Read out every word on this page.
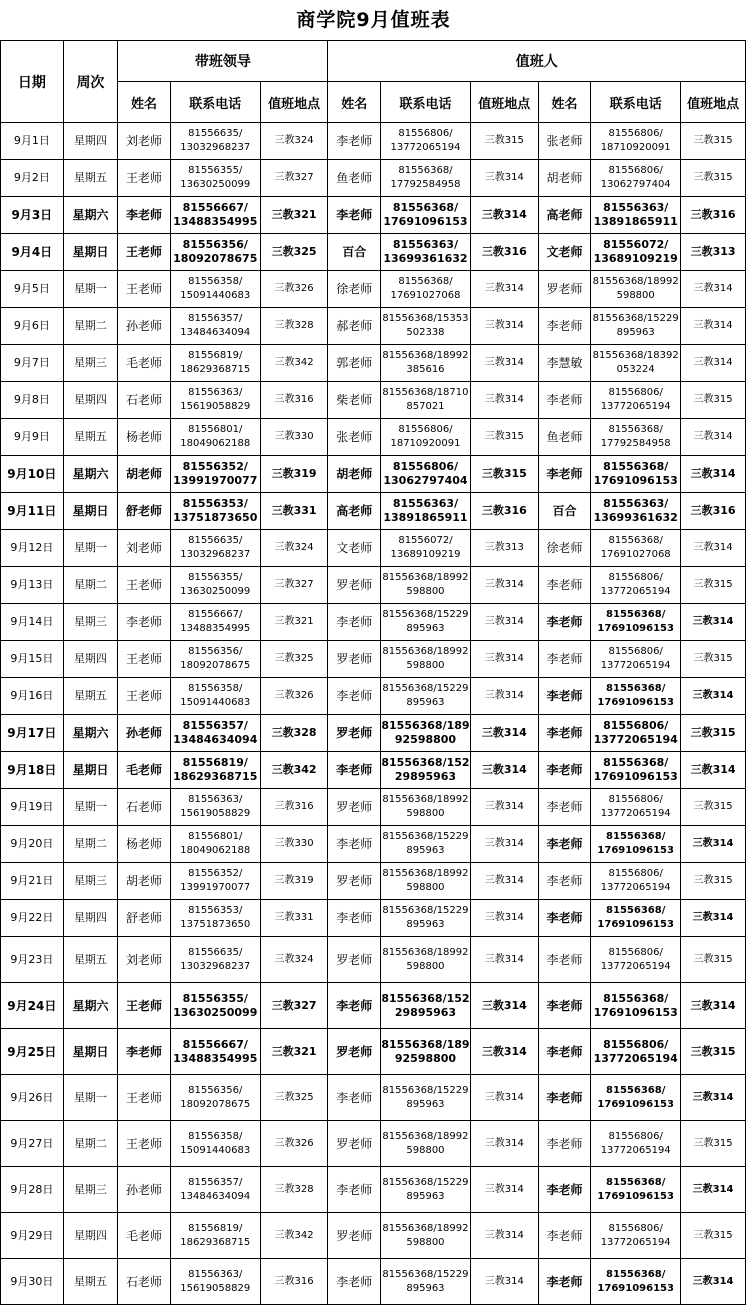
商学院9月值班表
日期	周次	带班领导			值班人					
		姓名	联系电话	值班地点	姓名	联系电话	值班地点	姓名	联系电话	值班地点
9月1日	星期四	刘老师	81556635/ 13032968237	三教324	李老师	81556806/ 13772065194	三教315	张老师	81556806/ 18710920091	三教315
9月2日	星期五	王老师	81556355/ 13630250099	三教327	鱼老师	81556368/ 17792584958	三教314	胡老师	81556806/ 13062797404	三教315
9月3日	星期六	李老师	81556667/ 13488354995	三教321	李老师	81556368/ 17691096153	三教314	高老师	81556363/ 13891865911	三教316
9月4日	星期日	王老师	81556356/ 18092078675	三教325	百合	81556363/ 13699361632	三教316	文老师	81556072/ 13689109219	三教313
9月5日	星期一	王老师	81556358/ 15091440683	三教326	徐老师	81556368/ 17691027068	三教314	罗老师	81556368/18992 598800	三教314
9月6日	星期二	孙老师	81556357/ 13484634094	三教328	郝老师	81556368/15353 502338	三教314	李老师	81556368/15229 895963	三教314
9月7日	星期三	毛老师	81556819/ 18629368715	三教342	郭老师	81556368/18992 385616	三教314	李慧敏	81556368/18392 053224	三教314
9月8日	星期四	石老师	81556363/ 15619058829	三教316	柴老师	81556368/18710 857021	三教314	李老师	81556806/ 13772065194	三教315
9月9日	星期五	杨老师	81556801/ 18049062188	三教330	张老师	81556806/ 18710920091	三教315	鱼老师	81556368/ 17792584958	三教314
9月10日	星期六	胡老师	81556352/ 13991970077	三教319	胡老师	81556806/ 13062797404	三教315	李老师	81556368/ 17691096153	三教314
9月11日	星期日	舒老师	81556353/ 13751873650	三教331	高老师	81556363/ 13891865911	三教316	百合	81556363/ 13699361632	三教316
9月12日	星期一	刘老师	81556635/ 13032968237	三教324	文老师	81556072/ 13689109219	三教313	徐老师	81556368/ 17691027068	三教314
9月13日	星期二	王老师	81556355/ 13630250099	三教327	罗老师	81556368/18992 598800	三教314	李老师	81556806/ 13772065194	三教315
9月14日	星期三	李老师	81556667/ 13488354995	三教321	李老师	81556368/15229 895963	三教314	李老师	81556368/ 17691096153	三教314
9月15日	星期四	王老师	81556356/ 18092078675	三教325	罗老师	81556368/18992 598800	三教314	李老师	81556806/ 13772065194	三教315
9月16日	星期五	王老师	81556358/ 15091440683	三教326	李老师	81556368/15229 895963	三教314	李老师	81556368/ 17691096153	三教314
9月17日	星期六	孙老师	81556357/ 13484634094	三教328	罗老师	81556368/189 92598800	三教314	李老师	81556806/ 13772065194	三教315
9月18日	星期日	毛老师	81556819/ 18629368715	三教342	李老师	81556368/152 29895963	三教314	李老师	81556368/ 17691096153	三教314
9月19日	星期一	石老师	81556363/ 15619058829	三教316	罗老师	81556368/18992 598800	三教314	李老师	81556806/ 13772065194	三教315
9月20日	星期二	杨老师	81556801/ 18049062188	三教330	李老师	81556368/15229 895963	三教314	李老师	81556368/ 17691096153	三教314
9月21日	星期三	胡老师	81556352/ 13991970077	三教319	罗老师	81556368/18992 598800	三教314	李老师	81556806/ 13772065194	三教315
9月22日	星期四	舒老师	81556353/ 13751873650	三教331	李老师	81556368/15229 895963	三教314	李老师	81556368/ 17691096153	三教314
9月23日	星期五	刘老师	81556635/ 13032968237	三教324	罗老师	81556368/18992 598800	三教314	李老师	81556806/ 13772065194	三教315
9月24日	星期六	王老师	81556355/ 13630250099	三教327	李老师	81556368/152 29895963	三教314	李老师	81556368/ 17691096153	三教314
9月25日	星期日	李老师	81556667/ 13488354995	三教321	罗老师	81556368/189 92598800	三教314	李老师	81556806/ 13772065194	三教315
9月26日	星期一	王老师	81556356/ 18092078675	三教325	李老师	81556368/15229 895963	三教314	李老师	81556368/ 17691096153	三教314
9月27日	星期二	王老师	81556358/ 15091440683	三教326	罗老师	81556368/18992 598800	三教314	李老师	81556806/ 13772065194	三教315
9月28日	星期三	孙老师	81556357/ 13484634094	三教328	李老师	81556368/15229 895963	三教314	李老师	81556368/ 17691096153	三教314
9月29日	星期四	毛老师	81556819/ 18629368715	三教342	罗老师	81556368/18992 598800	三教314	李老师	81556806/ 13772065194	三教315
9月30日	星期五	石老师	81556363/ 15619058829	三教316	李老师	81556368/15229 895963	三教314	李老师	81556368/ 17691096153	三教314
